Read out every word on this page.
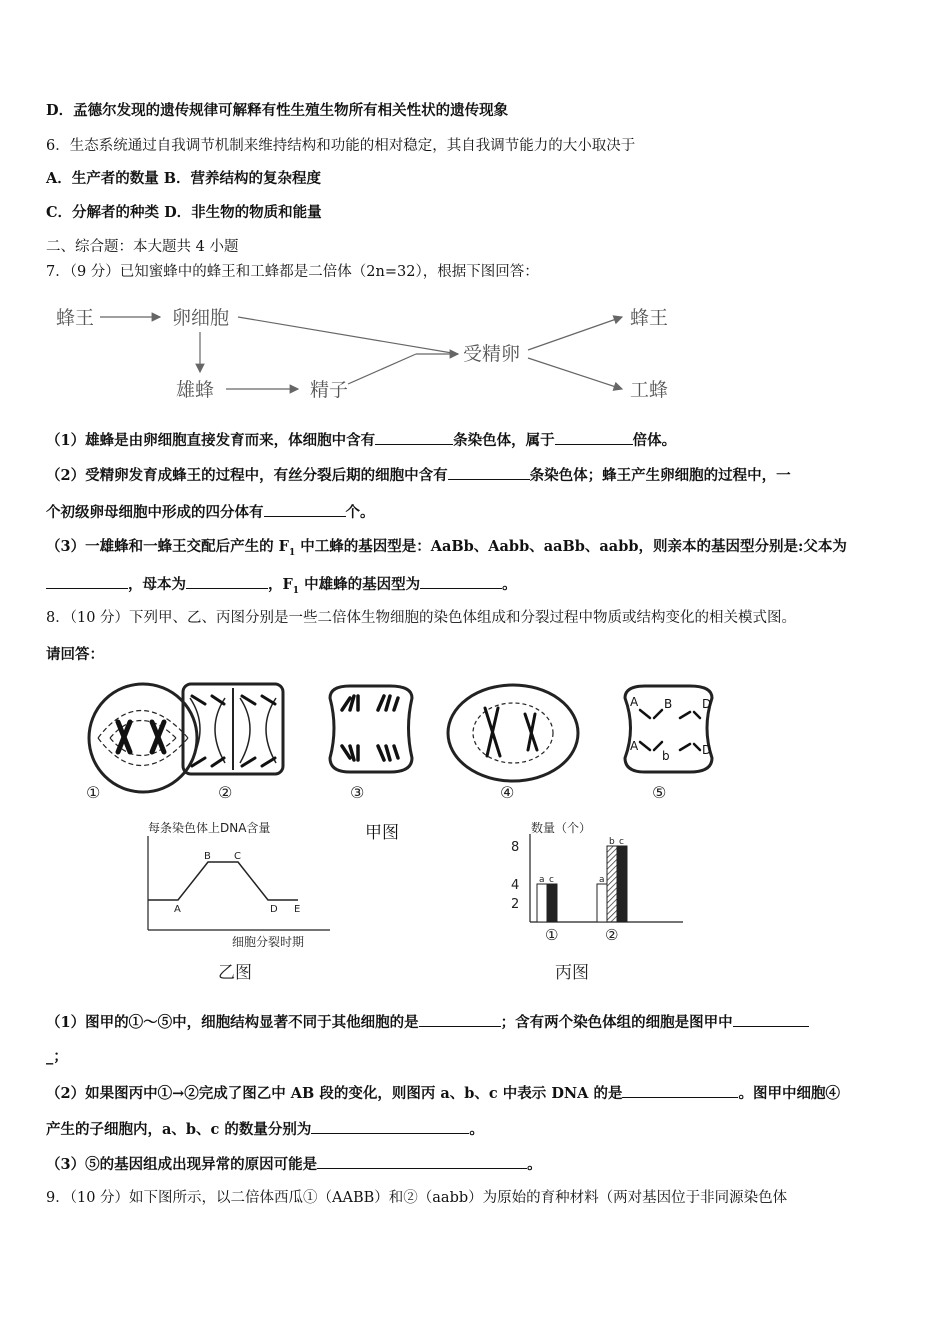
D．孟德尔发现的遗传规律可解释有性生殖生物所有相关性状的遗传现象
6．生态系统通过自我调节机制来维持结构和功能的相对稳定，其自我调节能力的大小取决于
A．生产者的数量 B．营养结构的复杂程度
C．分解者的种类 D．非生物的物质和能量
二、综合题：本大题共 4 小题
7．（9 分）已知蜜蜂中的蜂王和工蜂都是二倍体（2n=32），根据下图回答：
蜂王	卵细胞
雄蜂	精子
受精卵
蜂王
工蜂
（1）雄蜂是由卵细胞直接发育而来，体细胞中含有	条染色体，属于	倍体。
（2）受精卵发育成蜂王的过程中，有丝分裂后期的细胞中含有	条染色体；蜂王产生卵细胞的过程中，一
个初级卵母细胞中形成的四分体有	个。
（3）一雄蜂和一蜂王交配后产生的 $F_1$ 中工蜂的基因型是：AaBb、Aabb、aaBb、aabb，则亲本的基因型分别是:父本为
，母本为	，$F_1$ 中雄蜂的基因型为	。
8．（10 分）下列甲、乙、丙图分别是一些二倍体生物细胞的染色体组成和分裂过程中物质或结构变化的相关模式图。
请回答：
A B D
A
b	D
①	②	③	④	⑤
甲图
每条染色体上DNA含量
A
B C
D E
细胞分裂时期
乙图
数量（个）
2
4
8
a c	a
b c
①	②
丙图
（1）图甲的①～⑤中，细胞结构显著不同于其他细胞的是	；含有两个染色体组的细胞是图甲中
_；
（2）如果图丙中①→②完成了图乙中 AB 段的变化，则图丙 a、b、c 中表示 DNA 的是	。图甲中细胞④
产生的子细胞内，a、b、c 的数量分别为	。
（3）⑤的基因组成出现异常的原因可能是	。
9．（10 分）如下图所示，以二倍体西瓜①（AABB）和②（aabb）为原始的育种材料（两对基因位于非同源染色体
